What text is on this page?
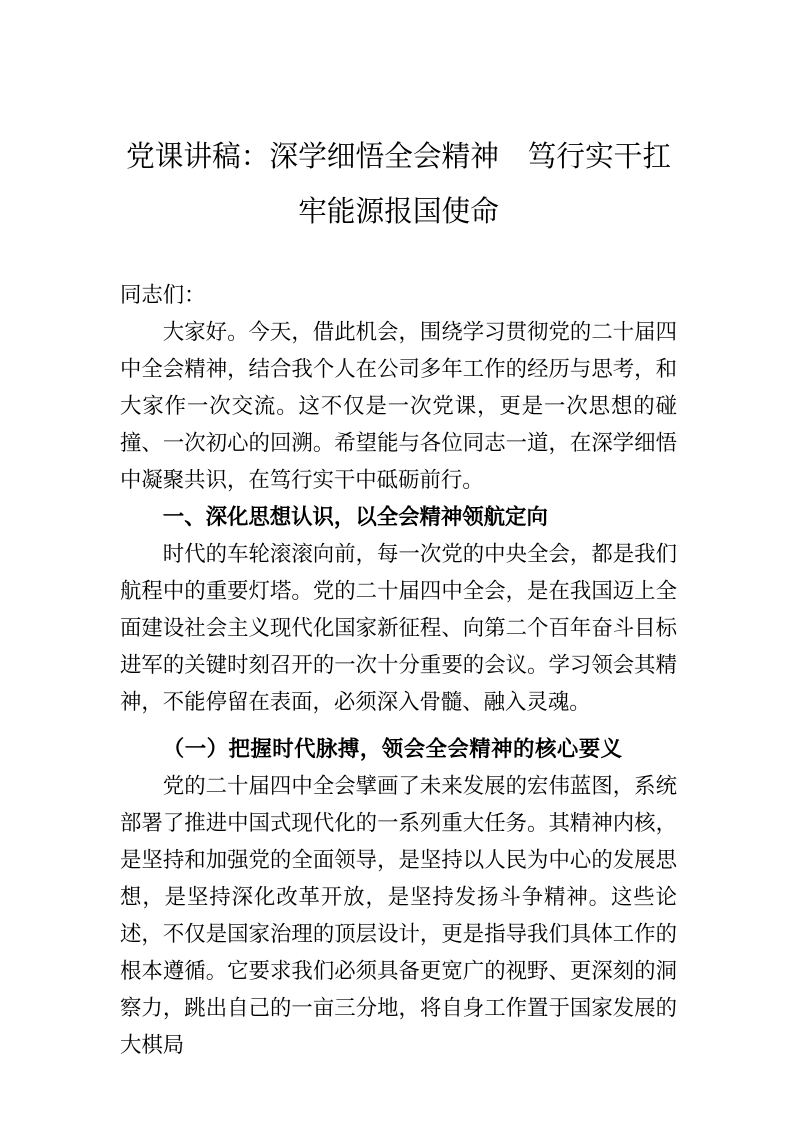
党课讲稿：深学细悟全会精神　笃行实干扛牢能源报国使命

同志们：

大家好。今天，借此机会，围绕学习贯彻党的二十届四中全会精神，结合我个人在公司多年工作的经历与思考，和大家作一次交流。这不仅是一次党课，更是一次思想的碰撞、一次初心的回溯。希望能与各位同志一道，在深学细悟中凝聚共识，在笃行实干中砥砺前行。

一、深化思想认识，以全会精神领航定向

时代的车轮滚滚向前，每一次党的中央全会，都是我们航程中的重要灯塔。党的二十届四中全会，是在我国迈上全面建设社会主义现代化国家新征程、向第二个百年奋斗目标进军的关键时刻召开的一次十分重要的会议。学习领会其精神，不能停留在表面，必须深入骨髓、融入灵魂。

（一）把握时代脉搏，领会全会精神的核心要义

党的二十届四中全会擘画了未来发展的宏伟蓝图，系统部署了推进中国式现代化的一系列重大任务。其精神内核，是坚持和加强党的全面领导，是坚持以人民为中心的发展思想，是坚持深化改革开放，是坚持发扬斗争精神。这些论述，不仅是国家治理的顶层设计，更是指导我们具体工作的根本遵循。它要求我们必须具备更宽广的视野、更深刻的洞察力，跳出自己的一亩三分地，将自身工作置于国家发展的大棋局
